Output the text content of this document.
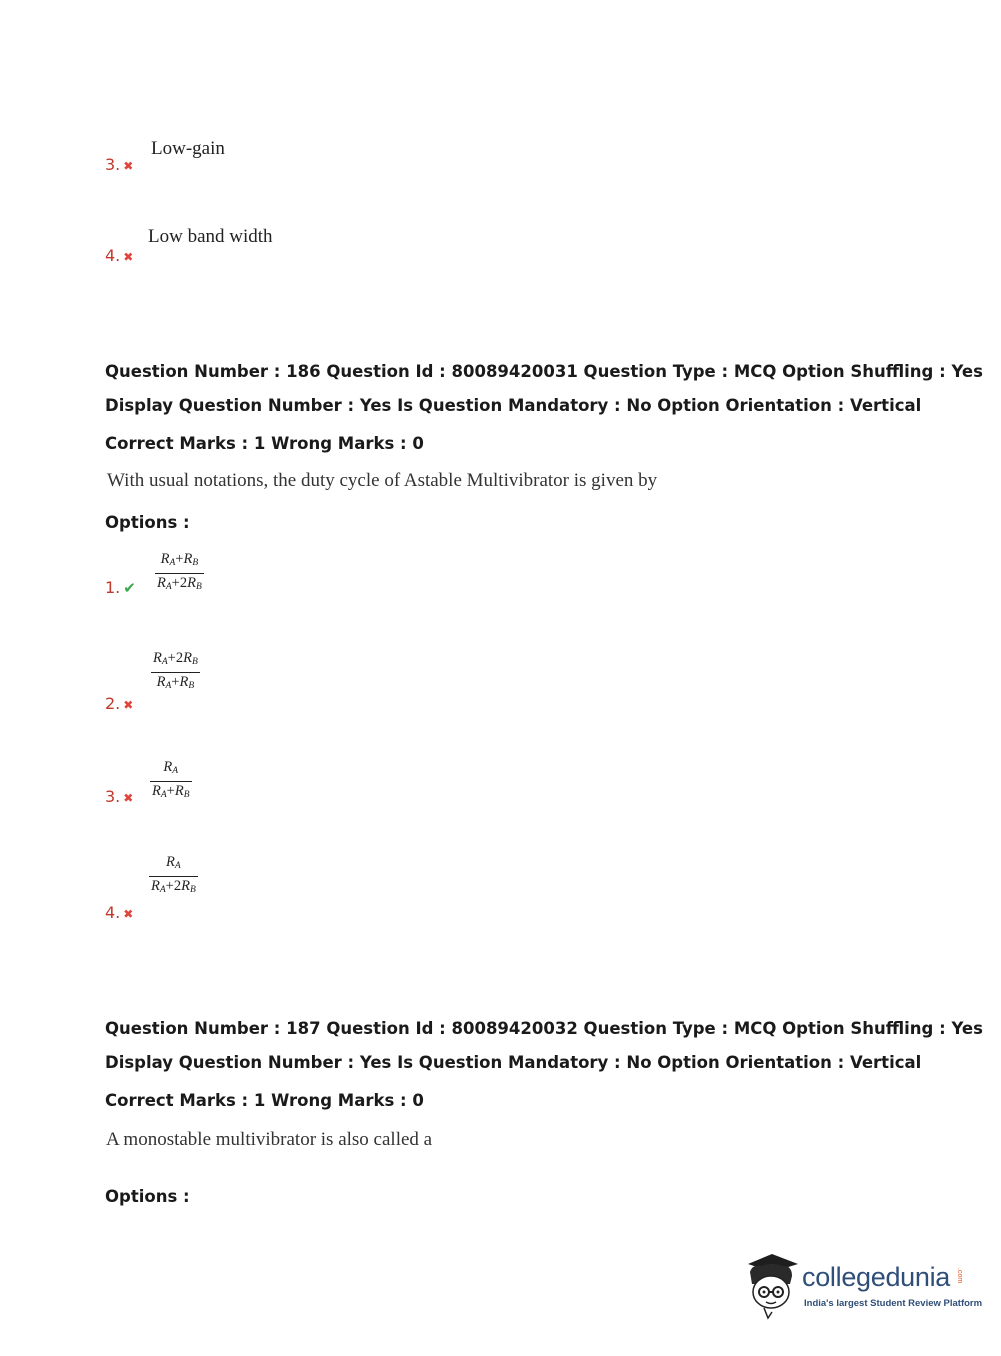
3. ✖
Low-gain
4. ✖
Low band width
Question Number : 186 Question Id : 80089420031 Question Type : MCQ Option Shuffling : Yes
Display Question Number : Yes Is Question Mandatory : No Option Orientation : Vertical
Correct Marks : 1 Wrong Marks : 0
With usual notations, the duty cycle of Astable Multivibrator is given by
Options :
1. ✔
$R_A+R_B$
$R_A+2R_B$
2. ✖
$R_A+2R_B$
$R_A+R_B$
3. ✖
$R_A$
$R_A+R_B$
4. ✖
$R_A$
$R_A+2R_B$
Question Number : 187 Question Id : 80089420032 Question Type : MCQ Option Shuffling : Yes
Display Question Number : Yes Is Question Mandatory : No Option Orientation : Vertical
Correct Marks : 1 Wrong Marks : 0
A monostable multivibrator is also called a
Options :
collegedunia .com
India's largest Student Review Platform
